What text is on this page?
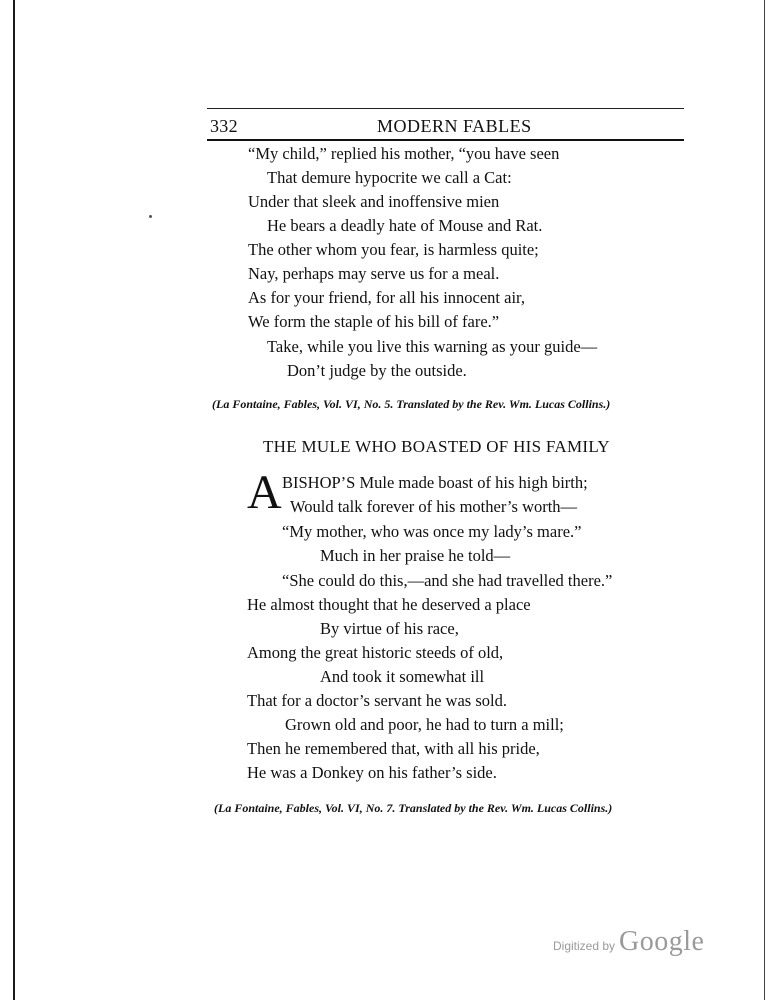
332	MODERN FABLES
“My child,” replied his mother, “you have seen
That demure hypocrite we call a Cat:
Under that sleek and inoffensive mien
He bears a deadly hate of Mouse and Rat.
The other whom you fear, is harmless quite;
Nay, perhaps may serve us for a meal.
As for your friend, for all his innocent air,
We form the staple of his bill of fare.”
Take, while you live this warning as your guide—
Don’t judge by the outside.
(La Fontaine, Fables, Vol. VI, No. 5. Translated by the Rev. Wm. Lucas Collins.)
THE MULE WHO BOASTED OF HIS FAMILY
A BISHOP’S Mule made boast of his high birth;
Would talk forever of his mother’s worth—
“My mother, who was once my lady’s mare.”
Much in her praise he told—
“She could do this,—and she had travelled there.”
He almost thought that he deserved a place
By virtue of his race,
Among the great historic steeds of old,
And took it somewhat ill
That for a doctor’s servant he was sold.
Grown old and poor, he had to turn a mill;
Then he remembered that, with all his pride,
He was a Donkey on his father’s side.
(La Fontaine, Fables, Vol. VI, No. 7. Translated by the Rev. Wm. Lucas Collins.)
Digitized by Google
